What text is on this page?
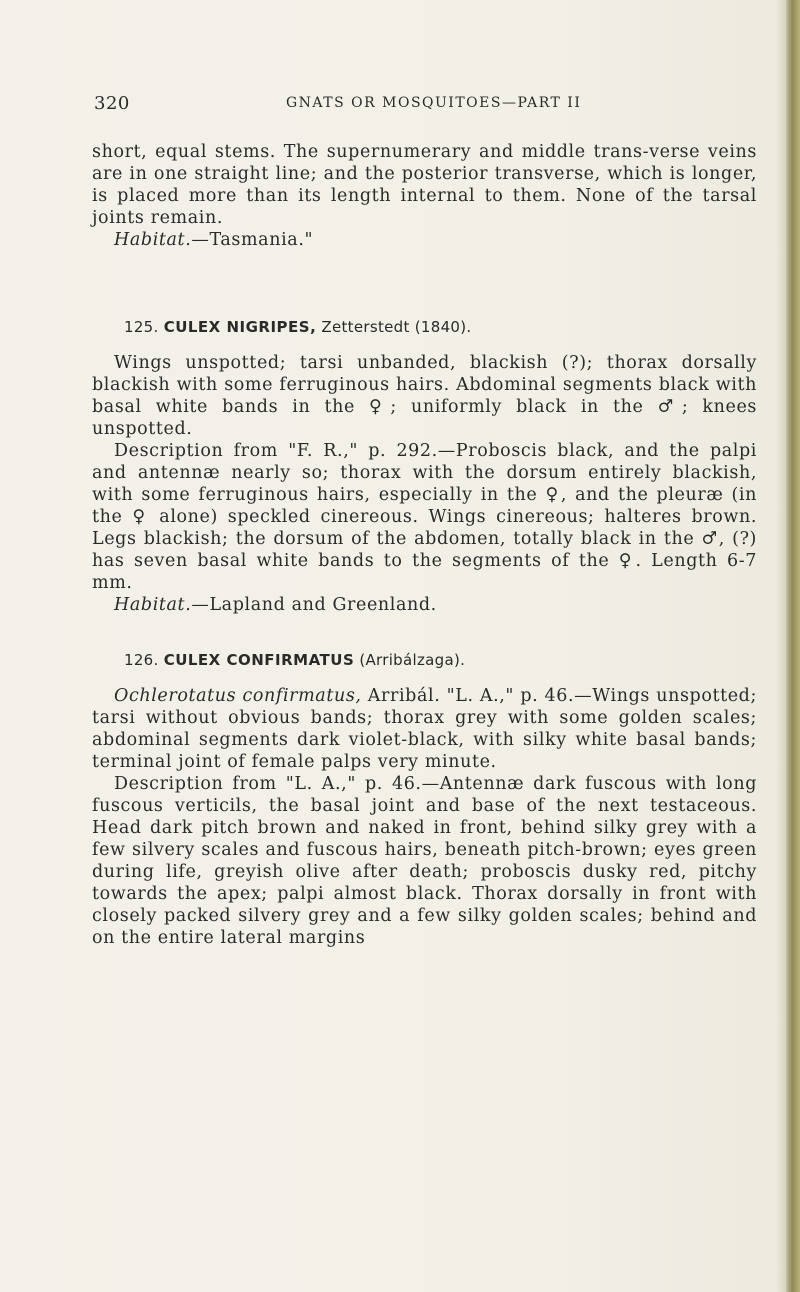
320	GNATS OR MOSQUITOES—PART II

short, equal stems. The supernumerary and middle trans-verse veins are in one straight line; and the posterior transverse, which is longer, is placed more than its length internal to them. None of the tarsal joints remain.

Habitat.—Tasmania."

125. CULEX NIGRIPES, Zetterstedt (1840).

Wings unspotted; tarsi unbanded, blackish (?); thorax dorsally blackish with some ferruginous hairs. Abdominal segments black with basal white bands in the ♀; uniformly black in the ♂; knees unspotted.

Description from "F. R.," p. 292.—Proboscis black, and the palpi and antennæ nearly so; thorax with the dorsum entirely blackish, with some ferruginous hairs, especially in the ♀, and the pleuræ (in the ♀ alone) speckled cinereous. Wings cinereous; halteres brown. Legs blackish; the dorsum of the abdomen, totally black in the ♂, (?) has seven basal white bands to the segments of the ♀. Length 6-7 mm.

Habitat.—Lapland and Greenland.

126. CULEX CONFIRMATUS (Arribálzaga).

Ochlerotatus confirmatus, Arribál. "L. A.," p. 46.—Wings unspotted; tarsi without obvious bands; thorax grey with some golden scales; abdominal segments dark violet-black, with silky white basal bands; terminal joint of female palps very minute.

Description from "L. A.," p. 46.—Antennæ dark fuscous with long fuscous verticils, the basal joint and base of the next testaceous. Head dark pitch brown and naked in front, behind silky grey with a few silvery scales and fuscous hairs, beneath pitch-brown; eyes green during life, greyish olive after death; proboscis dusky red, pitchy towards the apex; palpi almost black. Thorax dorsally in front with closely packed silvery grey and a few silky golden scales; behind and on the entire lateral margins
